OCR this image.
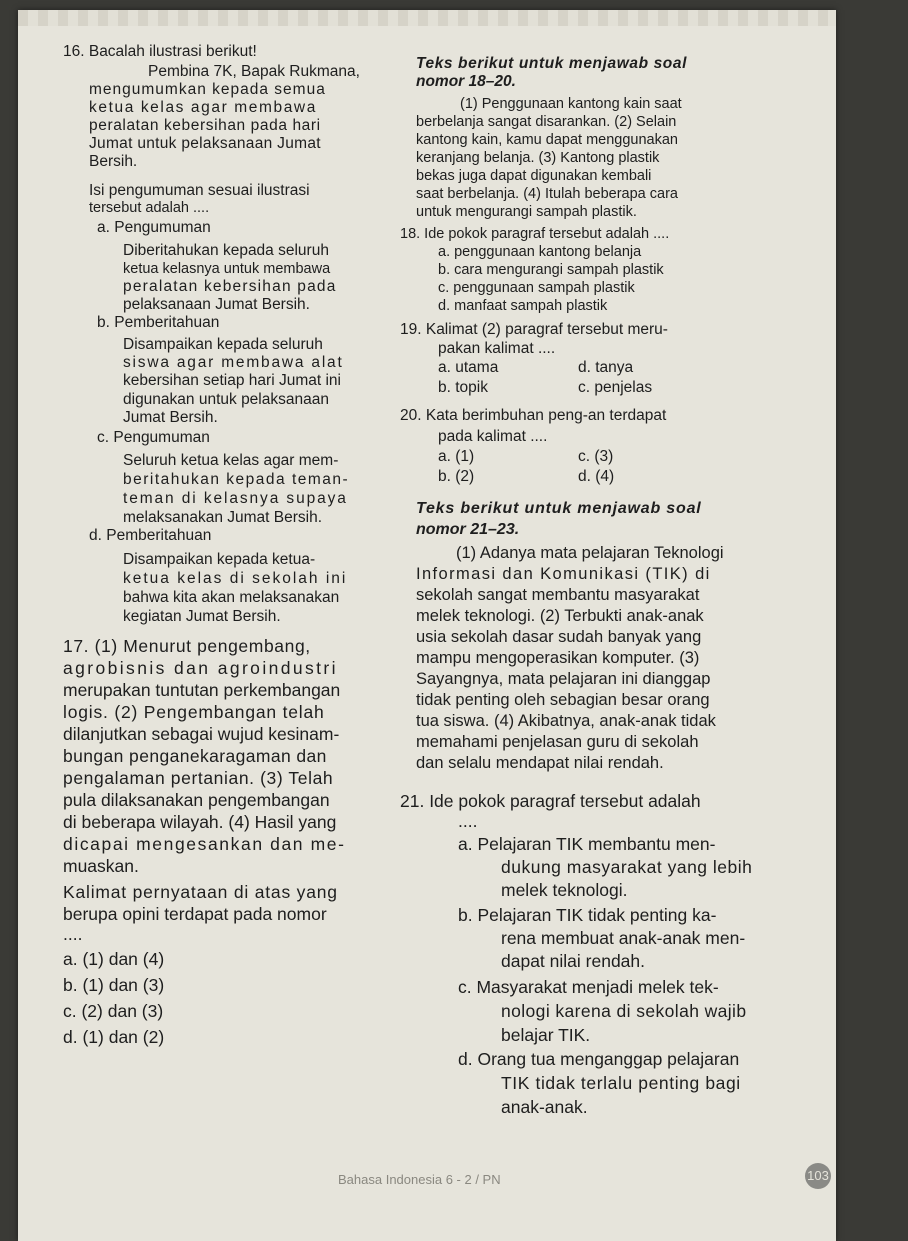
16. Bacalah ilustrasi berikut!
Pembina 7K, Bapak Rukmana,
mengumumkan kepada semua
ketua kelas agar membawa
peralatan kebersihan pada hari
Jumat untuk pelaksanaan Jumat
Bersih.
Isi pengumuman sesuai ilustrasi
tersebut adalah ....
a. Pengumuman
Diberitahukan kepada seluruh
ketua kelasnya untuk membawa
peralatan kebersihan pada
pelaksanaan Jumat Bersih.
b. Pemberitahuan
Disampaikan kepada seluruh
siswa agar membawa alat
kebersihan setiap hari Jumat ini
digunakan untuk pelaksanaan
Jumat Bersih.
c. Pengumuman
Seluruh ketua kelas agar mem-
beritahukan kepada teman-
teman di kelasnya supaya
melaksanakan Jumat Bersih.
d. Pemberitahuan
Disampaikan kepada ketua-
ketua kelas di sekolah ini
bahwa kita akan melaksanakan
kegiatan Jumat Bersih.
17. (1) Menurut pengembang,
agrobisnis dan agroindustri
merupakan tuntutan perkembangan
logis. (2) Pengembangan telah
dilanjutkan sebagai wujud kesinam-
bungan penganekaragaman dan
pengalaman pertanian. (3) Telah
pula dilaksanakan pengembangan
di beberapa wilayah. (4) Hasil yang
dicapai mengesankan dan me-
muaskan.
Kalimat pernyataan di atas yang
berupa opini terdapat pada nomor
....
a. (1) dan (4)
b. (1) dan (3)
c. (2) dan (3)
d. (1) dan (2)
Teks berikut untuk menjawab soal
nomor 18–20.
(1) Penggunaan kantong kain saat
berbelanja sangat disarankan. (2) Selain
kantong kain, kamu dapat menggunakan
keranjang belanja. (3) Kantong plastik
bekas juga dapat digunakan kembali
saat berbelanja. (4) Itulah beberapa cara
untuk mengurangi sampah plastik.
18. Ide pokok paragraf tersebut adalah ....
a. penggunaan kantong belanja
b. cara mengurangi sampah plastik
c. penggunaan sampah plastik
d. manfaat sampah plastik
19. Kalimat (2) paragraf tersebut meru-
pakan kalimat ....
a. utama	d. tanya
b. topik	c. penjelas
20. Kata berimbuhan peng-an terdapat
pada kalimat ....
a. (1)	c. (3)
b. (2)	d. (4)
Teks berikut untuk menjawab soal
nomor 21–23.
(1) Adanya mata pelajaran Teknologi
Informasi dan Komunikasi (TIK) di
sekolah sangat membantu masyarakat
melek teknologi. (2) Terbukti anak-anak
usia sekolah dasar sudah banyak yang
mampu mengoperasikan komputer. (3)
Sayangnya, mata pelajaran ini dianggap
tidak penting oleh sebagian besar orang
tua siswa. (4) Akibatnya, anak-anak tidak
memahami penjelasan guru di sekolah
dan selalu mendapat nilai rendah.
21. Ide pokok paragraf tersebut adalah
....
a. Pelajaran TIK membantu men-
dukung masyarakat yang lebih
melek teknologi.
b. Pelajaran TIK tidak penting ka-
rena membuat anak-anak men-
dapat nilai rendah.
c. Masyarakat menjadi melek tek-
nologi karena di sekolah wajib
belajar TIK.
d. Orang tua menganggap pelajaran
TIK tidak terlalu penting bagi
anak-anak.
Bahasa Indonesia 6 - 2 / PN	103
